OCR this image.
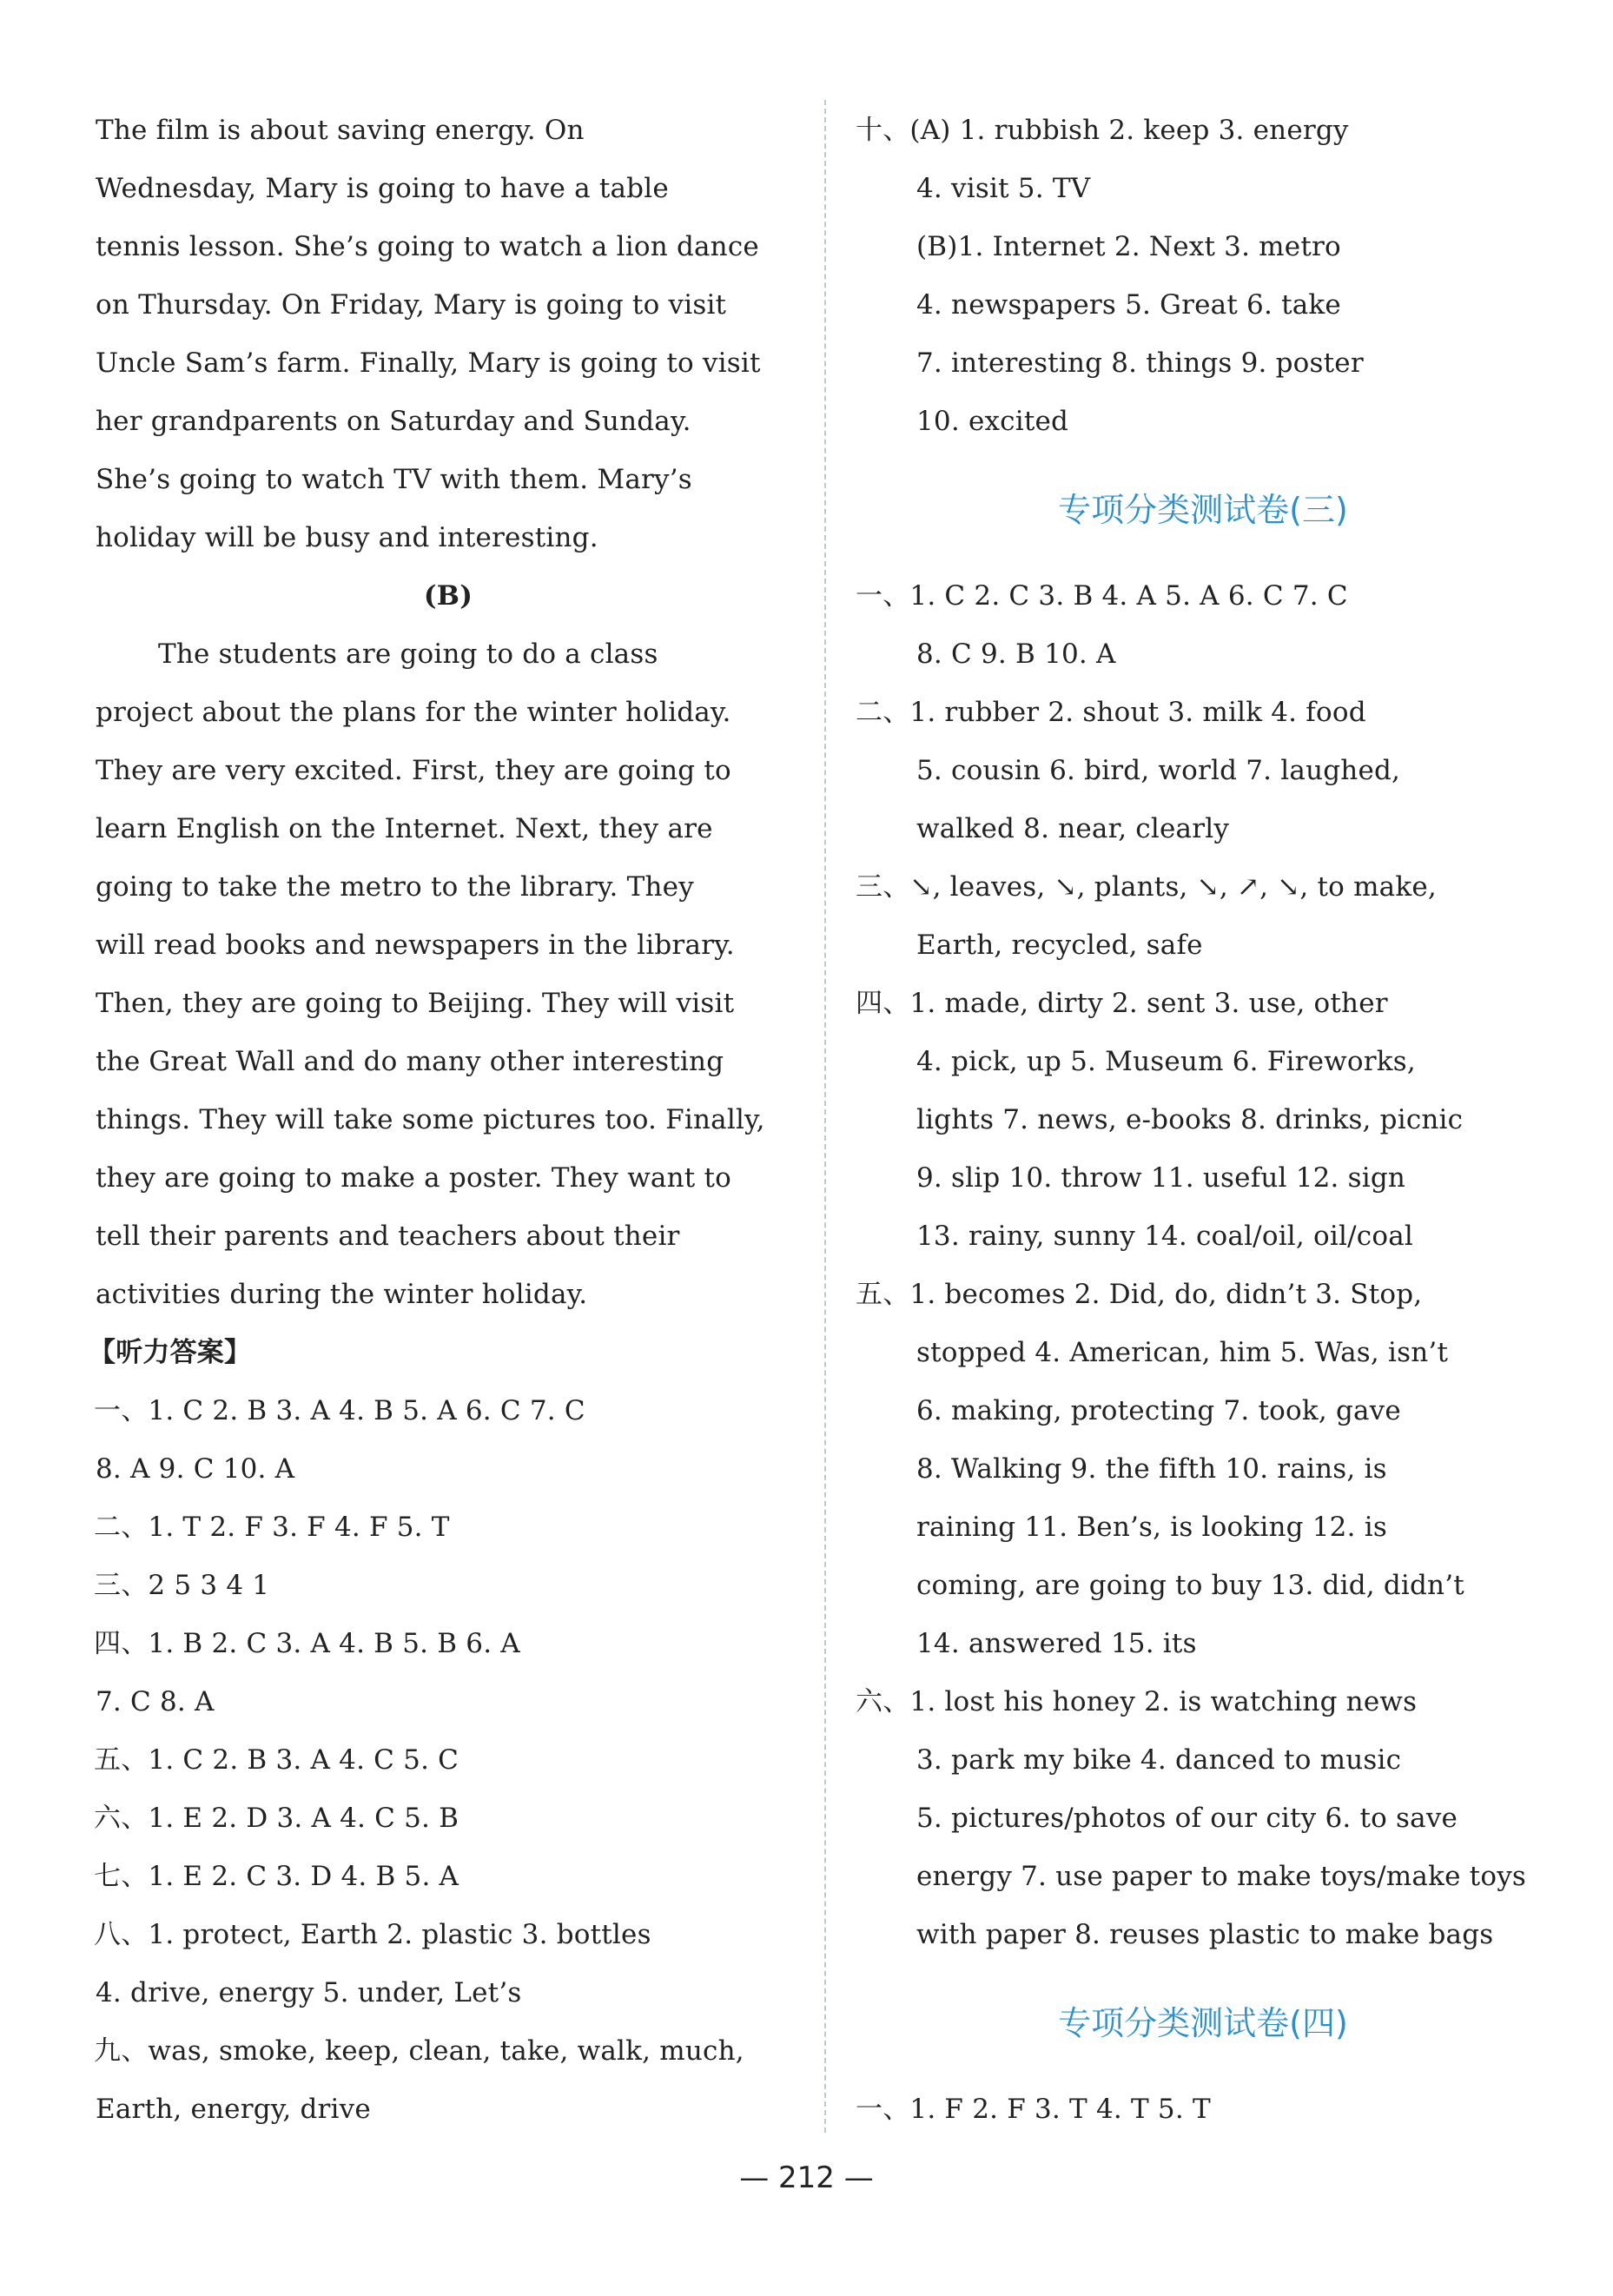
The film is about saving energy. On
Wednesday, Mary is going to have a table
tennis lesson. She’s going to watch a lion dance
on Thursday. On Friday, Mary is going to visit
Uncle Sam’s farm. Finally, Mary is going to visit
her grandparents on Saturday and Sunday.
She’s going to watch TV with them. Mary’s
holiday will be busy and interesting.
(B)
The students are going to do a class
project about the plans for the winter holiday.
They are very excited. First, they are going to
learn English on the Internet. Next, they are
going to take the metro to the library. They
will read books and newspapers in the library.
Then, they are going to Beijing. They will visit
the Great Wall and do many other interesting
things. They will take some pictures too. Finally,
they are going to make a poster. They want to
tell their parents and teachers about their
activities during the winter holiday.
【听力答案】
一、1. C 2. B 3. A 4. B 5. A 6. C 7. C
8. A 9. C 10. A
二、1. T 2. F 3. F 4. F 5. T
三、2 5 3 4 1
四、1. B 2. C 3. A 4. B 5. B 6. A
7. C 8. A
五、1. C 2. B 3. A 4. C 5. C
六、1. E 2. D 3. A 4. C 5. B
七、1. E 2. C 3. D 4. B 5. A
八、1. protect, Earth 2. plastic 3. bottles
4. drive, energy 5. under, Let’s
九、was, smoke, keep, clean, take, walk, much,
Earth, energy, drive
十、(A) 1. rubbish 2. keep 3. energy
4. visit 5. TV
(B)1. Internet 2. Next 3. metro
4. newspapers 5. Great 6. take
7. interesting 8. things 9. poster
10. excited
专项分类测试卷(三)
一、1. C 2. C 3. B 4. A 5. A 6. C 7. C
8. C 9. B 10. A
二、1. rubber 2. shout 3. milk 4. food
5. cousin 6. bird, world 7. laughed,
walked 8. near, clearly
三、↘, leaves, ↘, plants, ↘, ↗, ↘, to make,
Earth, recycled, safe
四、1. made, dirty 2. sent 3. use, other
4. pick, up 5. Museum 6. Fireworks,
lights 7. news, e-books 8. drinks, picnic
9. slip 10. throw 11. useful 12. sign
13. rainy, sunny 14. coal/oil, oil/coal
五、1. becomes 2. Did, do, didn’t 3. Stop,
stopped 4. American, him 5. Was, isn’t
6. making, protecting 7. took, gave
8. Walking 9. the fifth 10. rains, is
raining 11. Ben’s, is looking 12. is
coming, are going to buy 13. did, didn’t
14. answered 15. its
六、1. lost his honey 2. is watching news
3. park my bike 4. danced to music
5. pictures/photos of our city 6. to save
energy 7. use paper to make toys/make toys
with paper 8. reuses plastic to make bags
专项分类测试卷(四)
一、1. F 2. F 3. T 4. T 5. T
— 212 —
